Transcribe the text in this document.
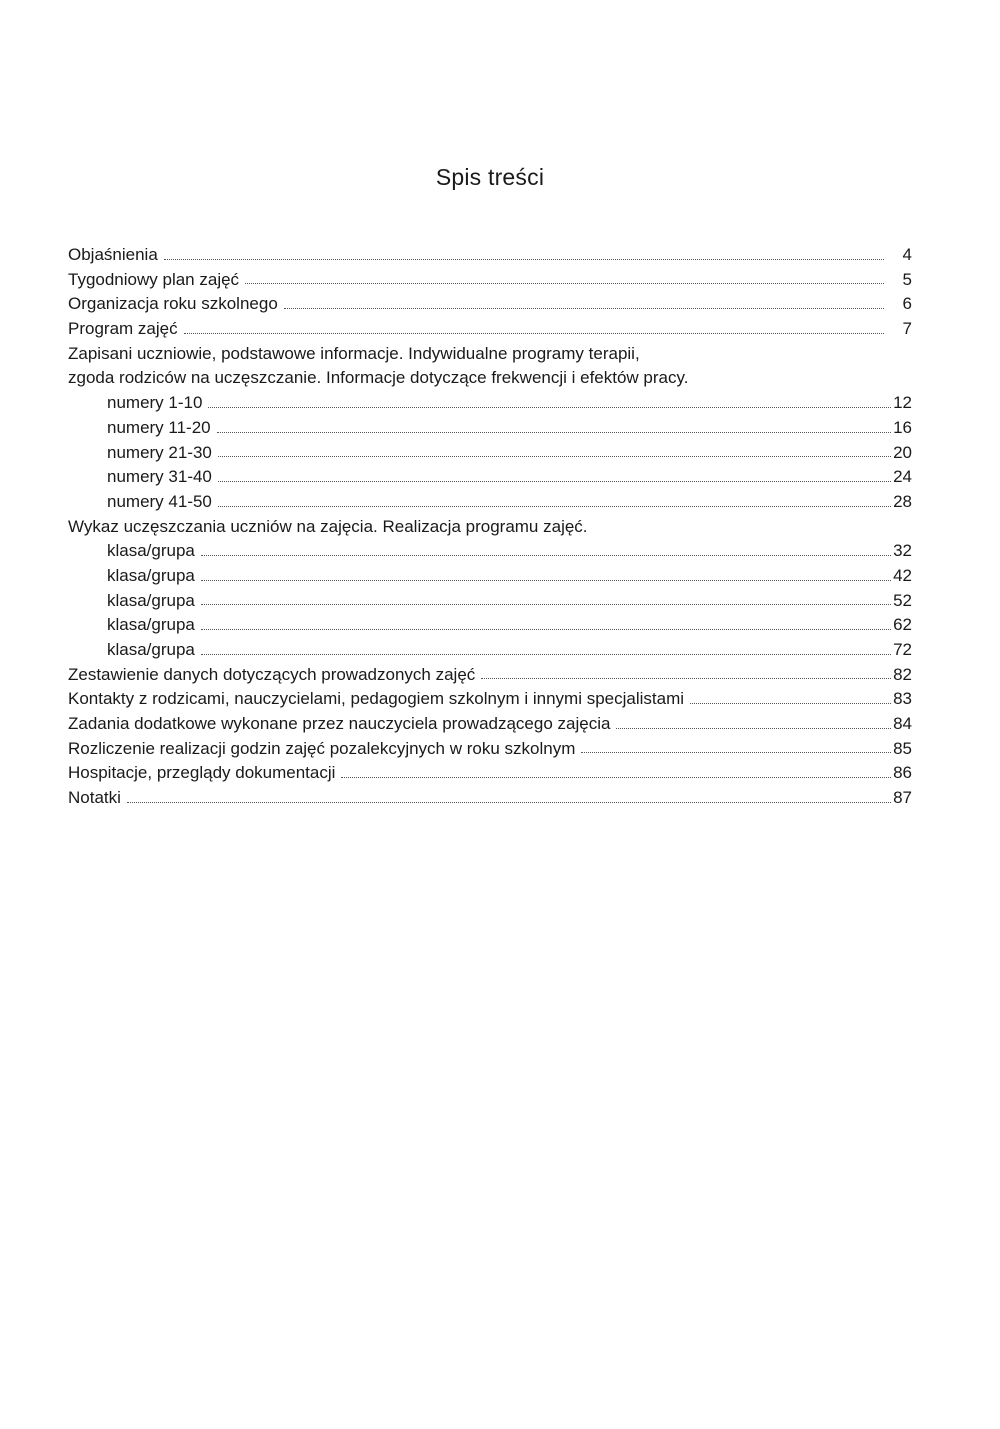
Spis treści
Objaśnienia	4
Tygodniowy plan zajęć	5
Organizacja roku szkolnego	6
Program zajęć	7
Zapisani uczniowie, podstawowe informacje. Indywidualne programy terapii,
zgoda rodziców na uczęszczanie. Informacje dotyczące frekwencji i efektów pracy.
numery 1-10	12
numery 11-20	16
numery 21-30	20
numery 31-40	24
numery 41-50	28
Wykaz uczęszczania uczniów na zajęcia. Realizacja programu zajęć.
klasa/grupa	32
klasa/grupa	42
klasa/grupa	52
klasa/grupa	62
klasa/grupa	72
Zestawienie danych dotyczących prowadzonych zajęć	82
Kontakty z rodzicami, nauczycielami, pedagogiem szkolnym i innymi specjalistami	83
Zadania dodatkowe wykonane przez nauczyciela prowadzącego zajęcia	84
Rozliczenie realizacji godzin zajęć pozalekcyjnych w roku szkolnym	85
Hospitacje, przeglądy dokumentacji	86
Notatki	87
